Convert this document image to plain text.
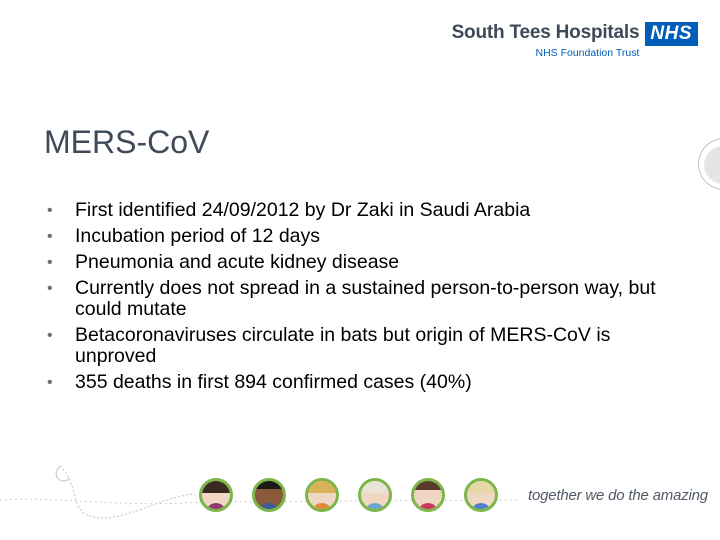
South Tees Hospitals
NHS Foundation Trust
NHS
MERS-CoV
• First identified 24/09/2012 by Dr Zaki in Saudi Arabia
• Incubation period of 12 days
• Pneumonia and acute kidney disease
• Currently does not spread in a sustained person-to-person way, but could mutate
• Betacoronaviruses circulate in bats but origin of MERS-CoV is unproved
• 355 deaths in first 894 confirmed cases (40%)
together we do the amazing
